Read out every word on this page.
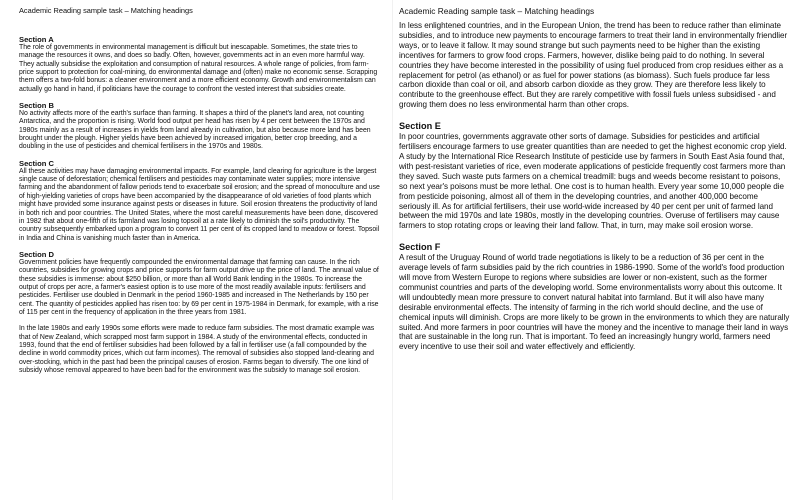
Academic Reading sample task – Matching headings
Section A

The role of governments in environmental management is difficult but inescapable. Sometimes, the state tries to manage the resources it owns, and does so badly. Often, however, governments act in an even more harmful way. They actually subsidise the exploitation and consumption of natural resources. A whole range of policies, from farm-price support to protection for coal-mining, do environmental damage and (often) make no economic sense. Scrapping them offers a two-fold bonus: a cleaner environment and a more efficient economy. Growth and environmentalism can actually go hand in hand, if politicians have the courage to confront the vested interest that subsidies create.

Section B

No activity affects more of the earth's surface than farming. It shapes a third of the planet's land area, not counting Antarctica, and the proportion is rising. World food output per head has risen by 4 per cent between the 1970s and 1980s mainly as a result of increases in yields from land already in cultivation, but also because more land has been brought under the plough. Higher yields have been achieved by increased irrigation, better crop breeding, and a doubling in the use of pesticides and chemical fertilisers in the 1970s and 1980s.

Section C

All these activities may have damaging environmental impacts. For example, land clearing for agriculture is the largest single cause of deforestation; chemical fertilisers and pesticides may contaminate water supplies; more intensive farming and the abandonment of fallow periods tend to exacerbate soil erosion; and the spread of monoculture and use of high-yielding varieties of crops have been accompanied by the disappearance of old varieties of food plants which might have provided some insurance against pests or diseases in future. Soil erosion threatens the productivity of land in both rich and poor countries. The United States, where the most careful measurements have been done, discovered in 1982 that about one-fifth of its farmland was losing topsoil at a rate likely to diminish the soil's productivity. The country subsequently embarked upon a program to convert 11 per cent of its cropped land to meadow or forest. Topsoil in India and China is vanishing much faster than in America.

Section D

Government policies have frequently compounded the environmental damage that farming can cause. In the rich countries, subsidies for growing crops and price supports for farm output drive up the price of land. The annual value of these subsidies is immense: about $250 billion, or more than all World Bank lending in the 1980s. To increase the output of crops per acre, a farmer's easiest option is to use more of the most readily available inputs: fertilisers and pesticides. Fertiliser use doubled in Denmark in the period 1960-1985 and increased in The Netherlands by 150 per cent. The quantity of pesticides applied has risen too: by 69 per cent in 1975-1984 in Denmark, for example, with a rise of 115 per cent in the frequency of application in the three years from 1981.

In the late 1980s and early 1990s some efforts were made to reduce farm subsidies. The most dramatic example was that of New Zealand, which scrapped most farm support in 1984. A study of the environmental effects, conducted in 1993, found that the end of fertiliser subsidies had been followed by a fall in fertiliser use (a fall compounded by the decline in world commodity prices, which cut farm incomes). The removal of subsidies also stopped land-clearing and over-stocking, which in the past had been the principal causes of erosion. Farms began to diversify. The one kind of subsidy whose removal appeared to have been bad for the environment was the subsidy to manage soil erosion.

Academic Reading sample task – Matching headings

In less enlightened countries, and in the European Union, the trend has been to reduce rather than eliminate subsidies, and to introduce new payments to encourage farmers to treat their land in environmentally friendlier ways, or to leave it fallow. It may sound strange but such payments need to be higher than the existing incentives for farmers to grow food crops. Farmers, however, dislike being paid to do nothing. In several countries they have become interested in the possibility of using fuel produced from crop residues either as a replacement for petrol (as ethanol) or as fuel for power stations (as biomass). Such fuels produce far less carbon dioxide than coal or oil, and absorb carbon dioxide as they grow. They are therefore less likely to contribute to the greenhouse effect. But they are rarely competitive with fossil fuels unless subsidised - and growing them does no less environmental harm than other crops.

Section E

In poor countries, governments aggravate other sorts of damage. Subsidies for pesticides and artificial fertilisers encourage farmers to use greater quantities than are needed to get the highest economic crop yield. A study by the International Rice Research Institute of pesticide use by farmers in South East Asia found that, with pest-resistant varieties of rice, even moderate applications of pesticide frequently cost farmers more than they saved. Such waste puts farmers on a chemical treadmill: bugs and weeds become resistant to poisons, so next year's poisons must be more lethal. One cost is to human health. Every year some 10,000 people die from pesticide poisoning, almost all of them in the developing countries, and another 400,000 become seriously ill. As for artificial fertilisers, their use world-wide increased by 40 per cent per unit of farmed land between the mid 1970s and late 1980s, mostly in the developing countries. Overuse of fertilisers may cause farmers to stop rotating crops or leaving their land fallow. That, in turn, may make soil erosion worse.

Section F

A result of the Uruguay Round of world trade negotiations is likely to be a reduction of 36 per cent in the average levels of farm subsidies paid by the rich countries in 1986-1990. Some of the world's food production will move from Western Europe to regions where subsidies are lower or non-existent, such as the former communist countries and parts of the developing world. Some environmentalists worry about this outcome. It will undoubtedly mean more pressure to convert natural habitat into farmland. But it will also have many desirable environmental effects. The intensity of farming in the rich world should decline, and the use of chemical inputs will diminish. Crops are more likely to be grown in the environments to which they are naturally suited. And more farmers in poor countries will have the money and the incentive to manage their land in ways that are sustainable in the long run. That is important. To feed an increasingly hungry world, farmers need every incentive to use their soil and water effectively and efficiently.
